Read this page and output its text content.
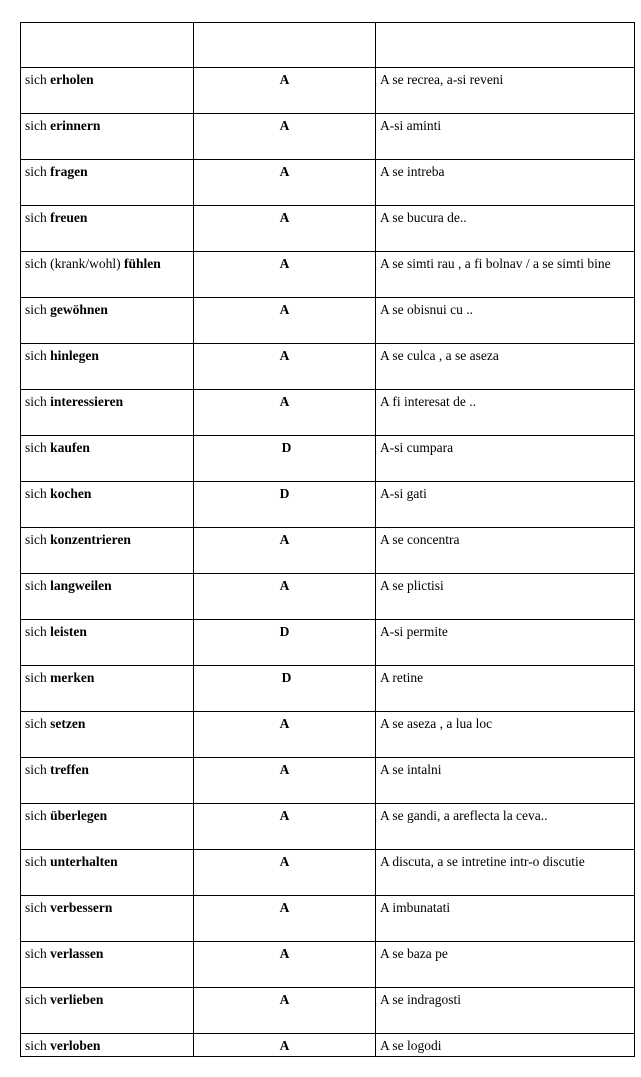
sich erholen	A	A se recrea, a-si reveni

sich erinnern	A	A-si aminti

sich fragen	A	A se intreba

sich freuen	A	A se bucura de..

sich (krank/wohl) fühlen	A	A se simti rau , a fi bolnav / a se simti bine

sich gewöhnen	A	A se obisnui cu ..

sich hinlegen	A	A se culca , a se aseza

sich interessieren	A	A fi interesat de ..

sich kaufen	D	A-si cumpara

sich kochen	D	A-si gati

sich konzentrieren	A	A se concentra

sich langweilen	A	A se plictisi

sich leisten	D	A-si permite

sich merken	D	A retine

sich setzen	A	A se aseza , a lua loc

sich treffen	A	A se intalni

sich überlegen	A	A se gandi, a areflecta la ceva..

sich unterhalten	A	A discuta, a se intretine intr-o discutie

sich verbessern	A	A imbunatati

sich verlassen	A	A se baza pe

sich verlieben	A	A se indragosti

sich verloben	A	A se logodi
